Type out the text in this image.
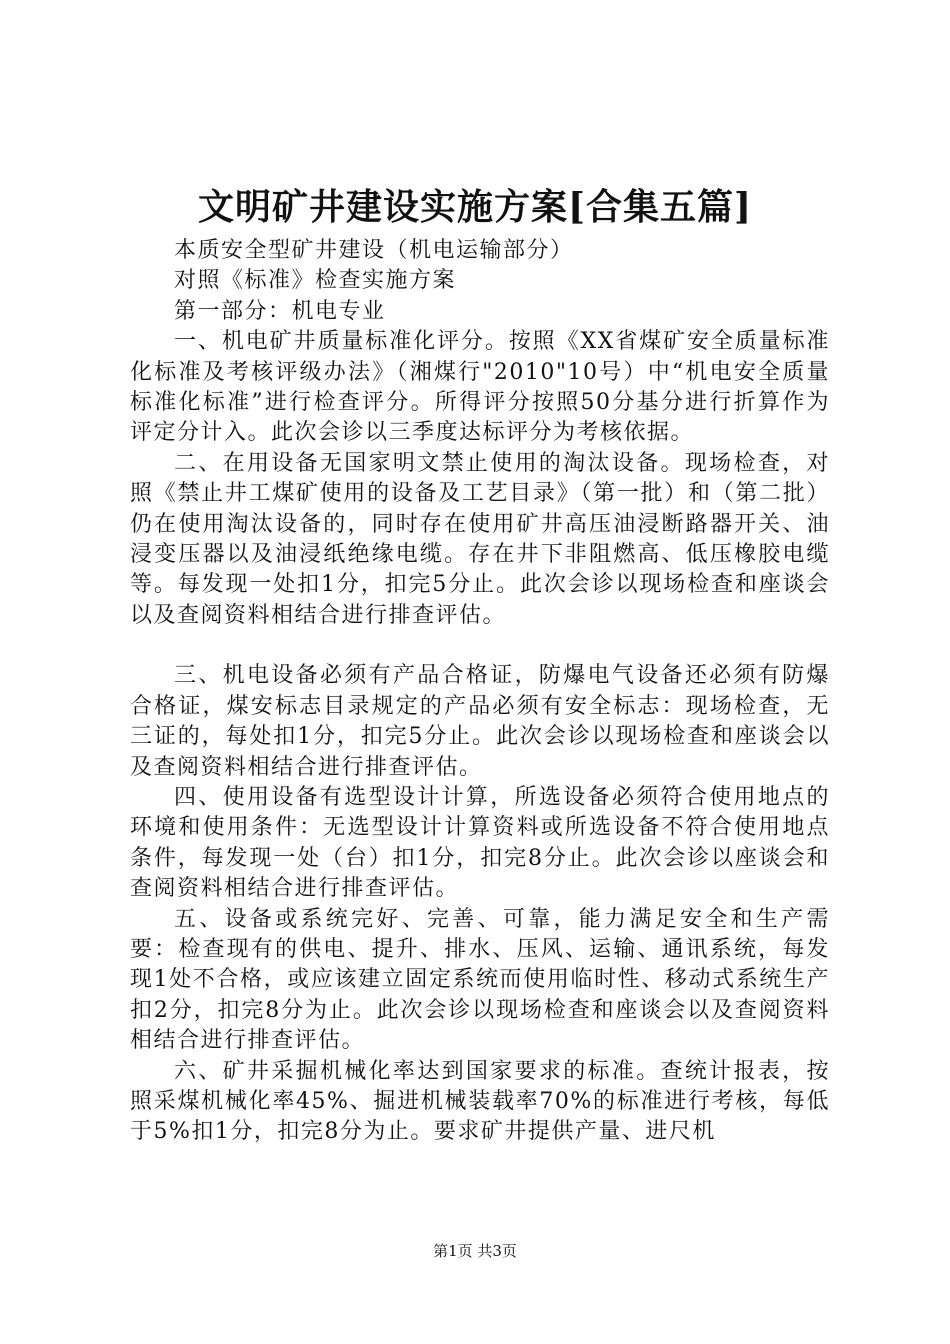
文明矿井建设实施方案[合集五篇]

本质安全型矿井建设（机电运输部分）

对照《标准》检查实施方案

第一部分：机电专业

一、机电矿井质量标准化评分。按照《XX省煤矿安全质量标准化标准及考核评级办法》（湘煤行"2010"10号）中“机电安全质量标准化标准”进行检查评分。所得评分按照50分基分进行折算作为评定分计入。此次会诊以三季度达标评分为考核依据。

二、在用设备无国家明文禁止使用的淘汰设备。现场检查，对照《禁止井工煤矿使用的设备及工艺目录》（第一批）和（第二批）仍在使用淘汰设备的，同时存在使用矿井高压油浸断路器开关、油浸变压器以及油浸纸绝缘电缆。存在井下非阻燃高、低压橡胶电缆等。每发现一处扣1分，扣完5分止。此次会诊以现场检查和座谈会以及查阅资料相结合进行排查评估。

三、机电设备必须有产品合格证，防爆电气设备还必须有防爆合格证，煤安标志目录规定的产品必须有安全标志：现场检查，无三证的，每处扣1分，扣完5分止。此次会诊以现场检查和座谈会以及查阅资料相结合进行排查评估。

四、使用设备有选型设计计算，所选设备必须符合使用地点的环境和使用条件：无选型设计计算资料或所选设备不符合使用地点条件，每发现一处（台）扣1分，扣完8分止。此次会诊以座谈会和查阅资料相结合进行排查评估。

五、设备或系统完好、完善、可靠，能力满足安全和生产需要：检查现有的供电、提升、排水、压风、运输、通讯系统，每发现1处不合格，或应该建立固定系统而使用临时性、移动式系统生产扣2分，扣完8分为止。此次会诊以现场检查和座谈会以及查阅资料相结合进行排查评估。

六、矿井采掘机械化率达到国家要求的标准。查统计报表，按照采煤机械化率45%、掘进机械装载率70%的标准进行考核，每低于5%扣1分，扣完8分为止。要求矿井提供产量、进尺机

第1页 共3页
